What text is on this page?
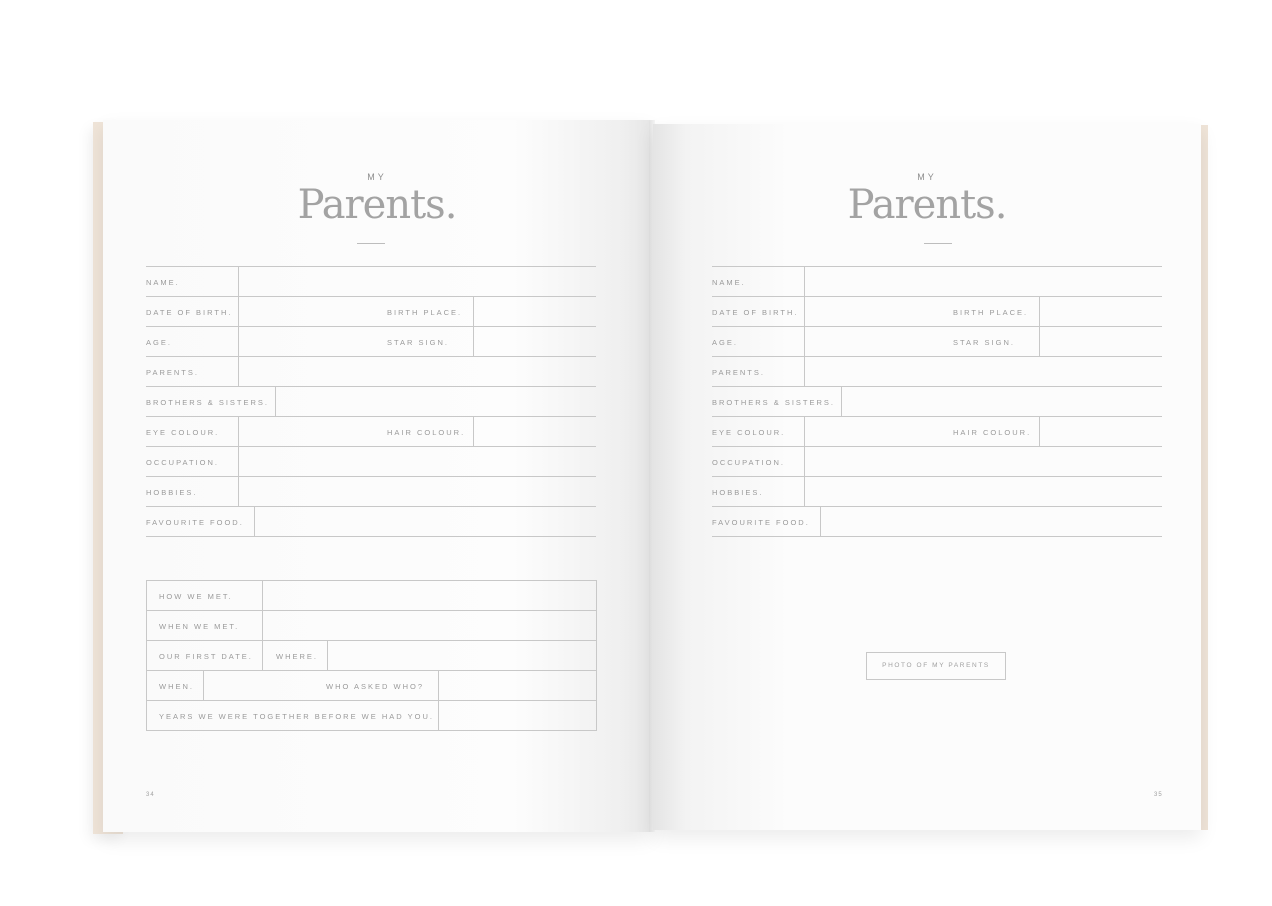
MY
Parents.
NAME.
DATE OF BIRTH.	BIRTH PLACE.
AGE.	STAR SIGN.
PARENTS.
BROTHERS & SISTERS.
EYE COLOUR.	HAIR COLOUR.
OCCUPATION.
HOBBIES.
FAVOURITE FOOD.
HOW WE MET.
WHEN WE MET.
OUR FIRST DATE.	WHERE.
WHEN.	WHO ASKED WHO?
YEARS WE WERE TOGETHER BEFORE WE HAD YOU.
34
MY
Parents.
NAME.
DATE OF BIRTH.	BIRTH PLACE.
AGE.	STAR SIGN.
PARENTS.
BROTHERS & SISTERS.
EYE COLOUR.	HAIR COLOUR.
OCCUPATION.
HOBBIES.
FAVOURITE FOOD.
PHOTO OF MY PARENTS
35
